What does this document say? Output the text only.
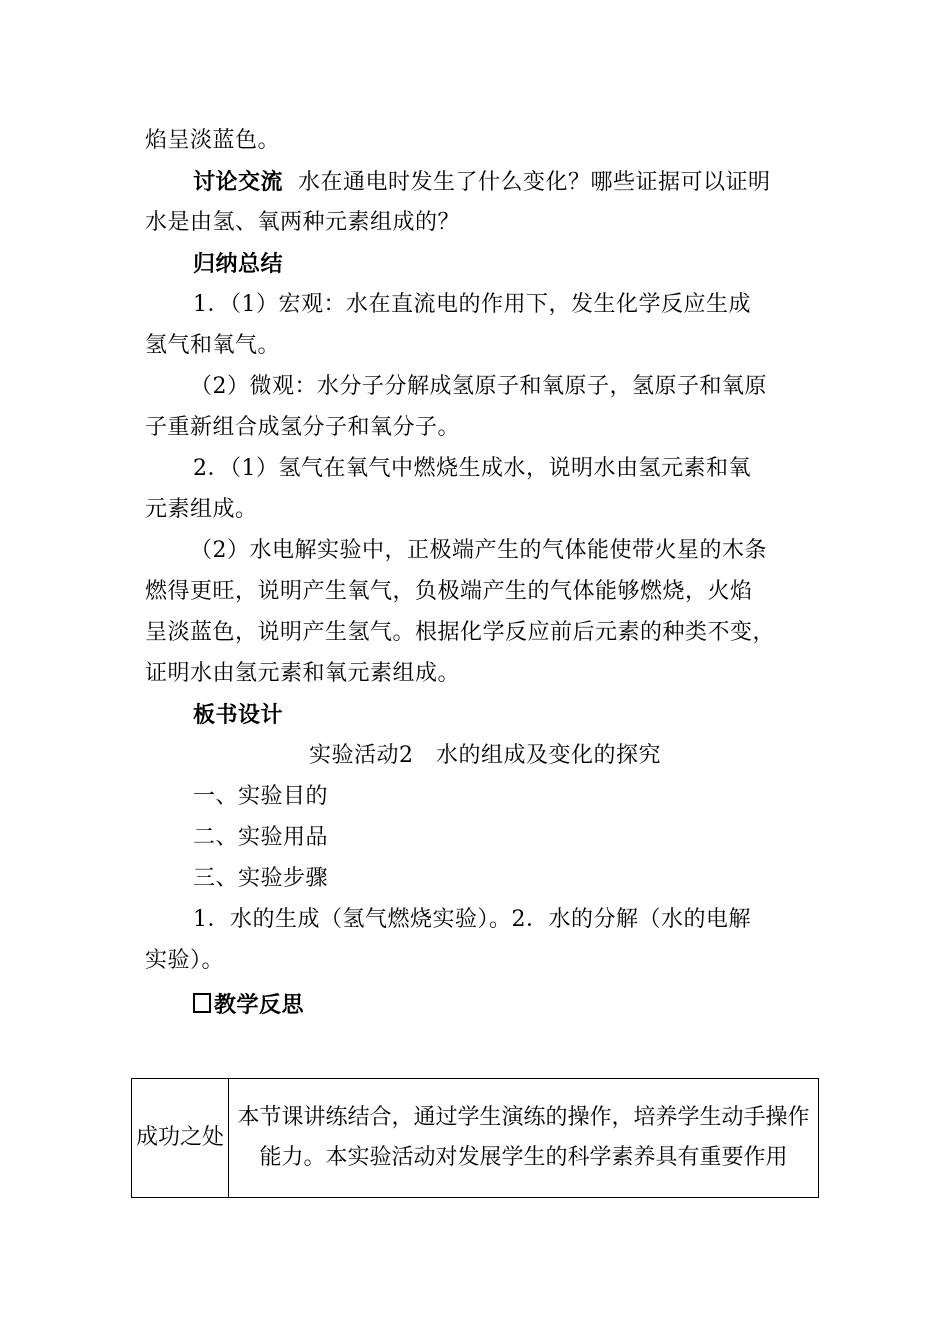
焰呈淡蓝色。
讨论交流 水在通电时发生了什么变化？哪些证据可以证明
水是由氢、氧两种元素组成的？
归纳总结
1．（1）宏观：水在直流电的作用下，发生化学反应生成
氢气和氧气。
（2）微观：水分子分解成氢原子和氧原子，氢原子和氧原
子重新组合成氢分子和氧分子。
2．（1）氢气在氧气中燃烧生成水，说明水由氢元素和氧
元素组成。
（2）水电解实验中，正极端产生的气体能使带火星的木条
燃得更旺，说明产生氧气，负极端产生的气体能够燃烧，火焰
呈淡蓝色，说明产生氢气。根据化学反应前后元素的种类不变，
证明水由氢元素和氧元素组成。
板书设计
实验活动2　水的组成及变化的探究
一、实验目的
二、实验用品
三、实验步骤
1．水的生成（氢气燃烧实验）。2．水的分解（水的电解
实验）。
教学反思
成功之处	本节课讲练结合，通过学生演练的操作，培养学生动手操作能力。本实验活动对发展学生的科学素养具有重要作用
